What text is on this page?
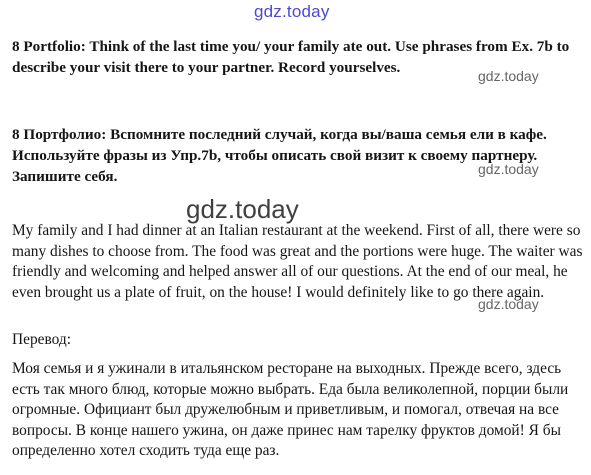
8 Portfolio: Think of the last time you/ your family ate out. Use phrases from Ex. 7b to describe your visit there to your partner. Record yourselves.

8 Портфолио: Вспомните последний случай, когда вы/ваша семья ели в кафе. Используйте фразы из Упр.7b, чтобы описать свой визит к своему партнеру. Запишите себя.

My family and I had dinner at an Italian restaurant at the weekend. First of all, there were so many dishes to choose from. The food was great and the portions were huge. The waiter was friendly and welcoming and helped answer all of our questions. At the end of our meal, he even brought us a plate of fruit, on the house! I would definitely like to go there again.

Перевод:

Моя семья и я ужинали в итальянском ресторане на выходных. Прежде всего, здесь есть так много блюд, которые можно выбрать. Еда была великолепной, порции были огромные. Официант был дружелюбным и приветливым, и помогал, отвечая на все вопросы. В конце нашего ужина, он даже принес нам тарелку фруктов домой! Я бы определенно хотел сходить туда еще раз.

gdz.today
gdz.today
gdz.today
gdz.today
gdz.today
